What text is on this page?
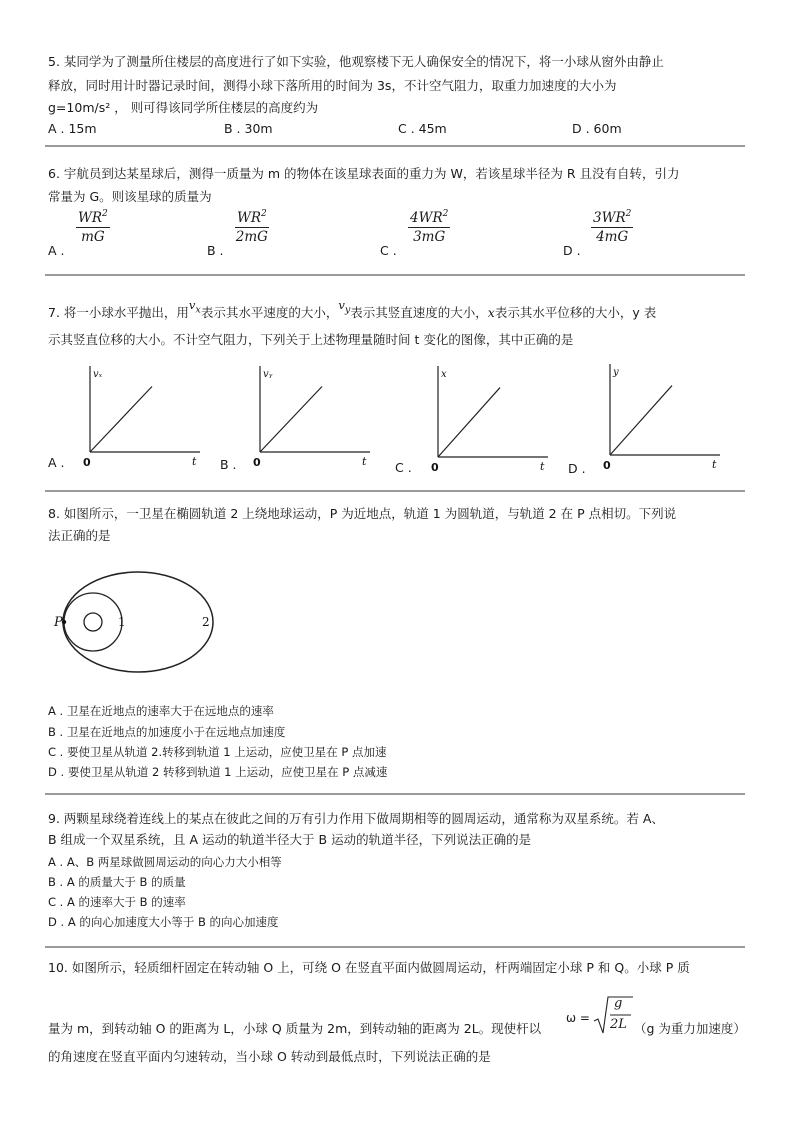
5. 某同学为了测量所住楼层的高度进行了如下实验，他观察楼下无人确保安全的情况下，将一小球从窗外由静止
释放，同时用计时器记录时间，测得小球下落所用的时间为 3s，不计空气阻力，取重力加速度的大小为
g=10m/s² ， 则可得该同学所住楼层的高度约为
A . 15m	B . 30m	C . 45m	D . 60m
6. 宇航员到达某星球后，测得一质量为 m 的物体在该星球表面的重力为 W，若该星球半径为 R 且没有自转，引力
常量为 G。则该星球的质量为
A .
$WR^2$
mG
B .
$WR^2$
2mG
C .
$4WR^2$
3mG
D .
$3WR^2$
4mG
7. 将一小球水平抛出，用$v_x$表示其水平速度的大小，$v_y$表示其竖直速度的大小，x表示其水平位移的大小，y 表
示其竖直位移的大小。不计空气阻力，下列关于上述物理量随时间 t 变化的图像，其中正确的是
A .	B .	C .	D .
vₓ
t
0
vᵧ
t
0
x
t
0
y
t
0
8. 如图所示，一卫星在椭圆轨道 2 上绕地球运动，P 为近地点，轨道 1 为圆轨道，与轨道 2 在 P 点相切。下列说
法正确的是
P	1	2
A . 卫星在近地点的速率大于在远地点的速率
B . 卫星在近地点的加速度小于在远地点加速度
C . 要使卫星从轨道 2.转移到轨道 1 上运动，应使卫星在 P 点加速
D . 要使卫星从轨道 2 转移到轨道 1 上运动，应使卫星在 P 点减速
9. 两颗星球绕着连线上的某点在彼此之间的万有引力作用下做周期相等的圆周运动，通常称为双星系统。若 A、
B 组成一个双星系统，且 A 运动的轨道半径大于 B 运动的轨道半径，下列说法正确的是
A . A、B 两星球做圆周运动的向心力大小相等
B . A 的质量大于 B 的质量
C . A 的速率大于 B 的速率
D . A 的向心加速度大小等于 B 的向心加速度
10. 如图所示，轻质细杆固定在转动轴 O 上，可绕 O 在竖直平面内做圆周运动，杆两端固定小球 P 和 Q。小球 P 质
量为 m，到转动轴 O 的距离为 L，小球 Q 质量为 2m，到转动轴的距离为 2L。现使杆以
ω =
g
2L （g 为重力加速度）
的角速度在竖直平面内匀速转动，当小球 O 转动到最低点时，下列说法正确的是
